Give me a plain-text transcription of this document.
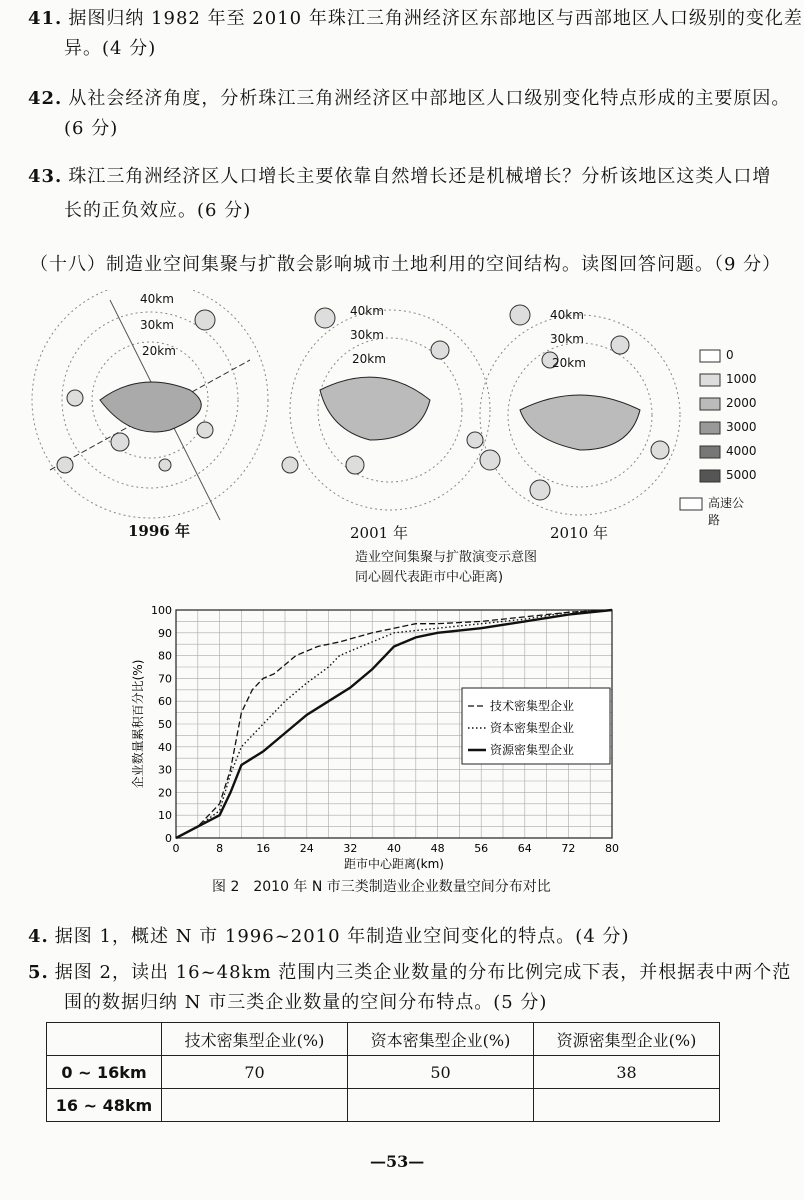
41. 据图归纳 1982 年至 2010 年珠江三角洲经济区东部地区与西部地区人口级别的变化差
异。(4 分)
42. 从社会经济角度，分析珠江三角洲经济区中部地区人口级别变化特点形成的主要原因。
(6 分)
43. 珠江三角洲经济区人口增长主要依靠自然增长还是机械增长？分析该地区这类人口增
长的正负效应。(6 分)
（十八）制造业空间集聚与扩散会影响城市土地利用的空间结构。读图回答问题。（9 分）
40km
30km
20km
40km
30km
20km
40km
30km
20km
0
1000
2000
3000
4000
5000
高速公路
1996 年	2001 年	2010 年
造业空间集聚与扩散演变示意图
同心圆代表距市中心距离)
0	8	16	24	32	40	48	56	64	72	80
0
10
20
30
40
50
60
70
80
90
100
距市中心距离(km)
企业数量累积百分比(%)	技术密集型企业
资本密集型企业
资源密集型企业
图 2　2010 年 N 市三类制造业企业数量空间分布对比
4. 据图 1，概述 N 市 1996~2010 年制造业空间变化的特点。(4 分)
5. 据图 2，读出 16~48km 范围内三类企业数量的分布比例完成下表，并根据表中两个范
围的数据归纳 N 市三类企业数量的空间分布特点。(5 分)
	技术密集型企业(%)	资本密集型企业(%)	资源密集型企业(%)
0 ~ 16km	70	50	38
16 ~ 48km			
—53—
